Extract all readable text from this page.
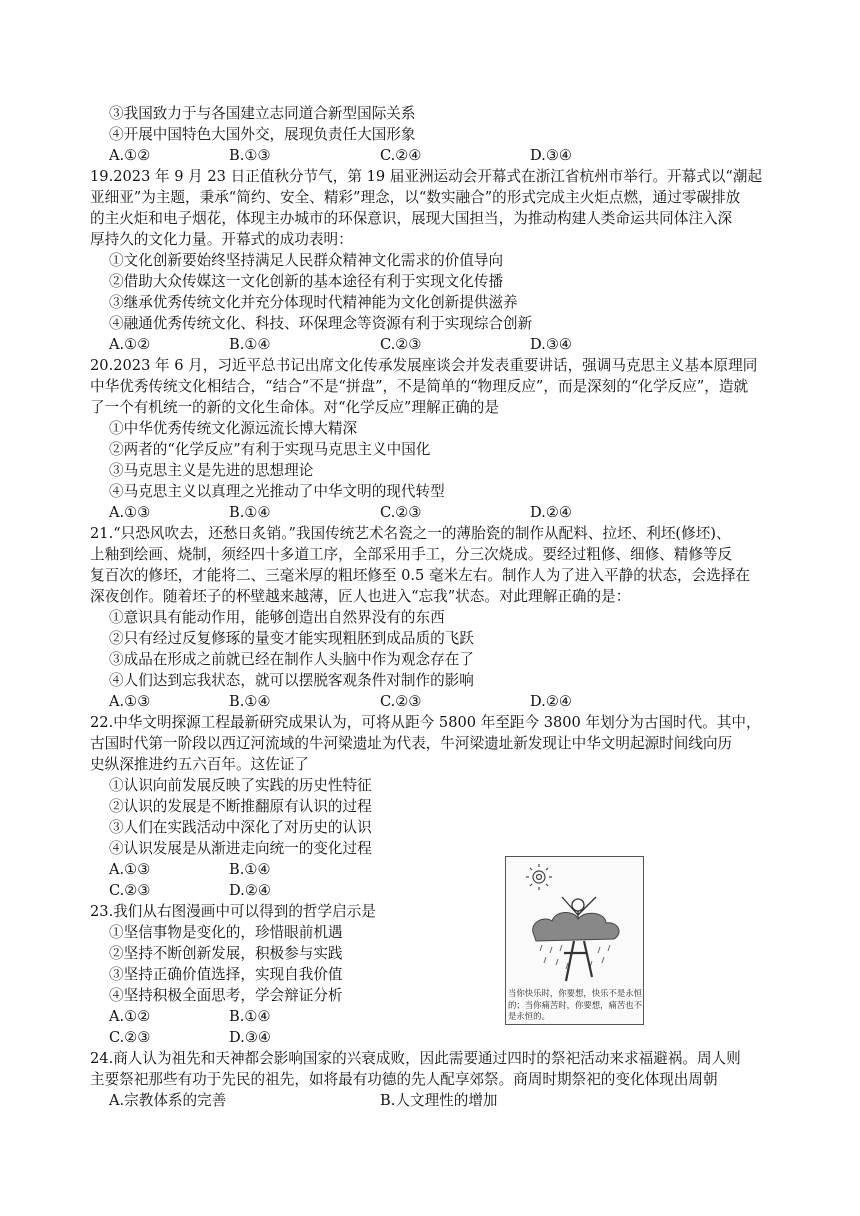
③我国致力于与各国建立志同道合新型国际关系
④开展中国特色大国外交，展现负责任大国形象
A.①②	B.①③	C.②④	D.③④
19.2023 年 9 月 23 日正值秋分节气，第 19 届亚洲运动会开幕式在浙江省杭州市举行。开幕式以“潮起
亚细亚”为主题，秉承“简约、安全、精彩”理念，以“数实融合”的形式完成主火炬点燃，通过零碳排放
的主火炬和电子烟花，体现主办城市的环保意识，展现大国担当，为推动构建人类命运共同体注入深
厚持久的文化力量。开幕式的成功表明：
①文化创新要始终坚持满足人民群众精神文化需求的价值导向
②借助大众传媒这一文化创新的基本途径有利于实现文化传播
③继承优秀传统文化并充分体现时代精神能为文化创新提供滋养
④融通优秀传统文化、科技、环保理念等资源有利于实现综合创新
A.①②	B.①④	C.②③	D.③④
20.2023 年 6 月，习近平总书记出席文化传承发展座谈会并发表重要讲话，强调马克思主义基本原理同
中华优秀传统文化相结合，“结合”不是“拼盘”，不是简单的“物理反应”，而是深刻的“化学反应”，造就
了一个有机统一的新的文化生命体。对“化学反应”理解正确的是
①中华优秀传统文化源远流长博大精深
②两者的“化学反应”有利于实现马克思主义中国化
③马克思主义是先进的思想理论
④马克思主义以真理之光推动了中华文明的现代转型
A.①③	B.①④	C.②③	D.②④
21.“只恐风吹去，还愁日炙销。”我国传统艺术名瓷之一的薄胎瓷的制作从配料、拉坯、利坯(修坯)、
上釉到绘画、烧制，须经四十多道工序，全部采用手工，分三次烧成。要经过粗修、细修、精修等反
复百次的修坯，才能将二、三毫米厚的粗坯修至 0.5 毫米左右。制作人为了进入平静的状态，会选择在
深夜创作。随着坯子的杯壁越来越薄，匠人也进入“忘我”状态。对此理解正确的是：
①意识具有能动作用，能够创造出自然界没有的东西
②只有经过反复修琢的量变才能实现粗胚到成品质的飞跃
③成品在形成之前就已经在制作人头脑中作为观念存在了
④人们达到忘我状态，就可以摆脱客观条件对制作的影响
A.①③	B.①④	C.②③	D.②④
22.中华文明探源工程最新研究成果认为，可将从距今 5800 年至距今 3800 年划分为古国时代。其中，
古国时代第一阶段以西辽河流域的牛河梁遗址为代表，牛河梁遗址新发现让中华文明起源时间线向历
史纵深推进约五六百年。这佐证了
①认识向前发展反映了实践的历史性特征
②认识的发展是不断推翻原有认识的过程
③人们在实践活动中深化了对历史的认识
④认识发展是从渐进走向统一的变化过程
A.①③	B.①④
C.②③	D.②④
23.我们从右图漫画中可以得到的哲学启示是
①坚信事物是变化的，珍惜眼前机遇
②坚持不断创新发展，积极参与实践
③坚持正确价值选择，实现自我价值
④坚持积极全面思考，学会辩证分析
A.①②	B.①④
C.②③	D.③④
当你快乐时，你要想，快乐不是永恒的；当你痛苦时，你要想，痛苦也不是永恒的。
24.商人认为祖先和天神都会影响国家的兴衰成败，因此需要通过四时的祭祀活动来求福避祸。周人则
主要祭祀那些有功于先民的祖先，如将最有功德的先人配享郊祭。商周时期祭祀的变化体现出周朝
A.宗教体系的完善	B.人文理性的增加
